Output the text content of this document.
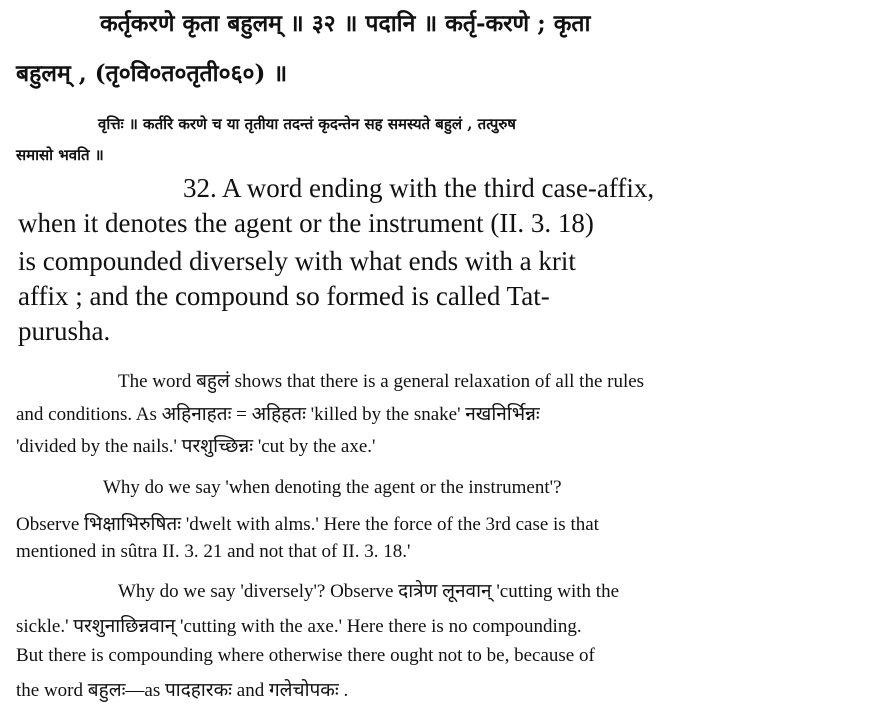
कर्तृकरणे कृता बहुलम् ॥ ३२ ॥ पदानि ॥ कर्तृ-करणे ; कृता
बहुलम् , (तृ०वि०त०तृती०६०) ॥
वृत्तिः ॥ कर्तरि करणे च या तृतीया तदन्तं कृदन्तेन सह समस्यते बहुलं , तत्पुरुष
समासो भवति ॥
32. A word ending with the third case-affix,
when it denotes the agent or the instrument (II. 3. 18)
is compounded diversely with what ends with a krit
affix ; and the compound so formed is called Tat-
purusha.
The word बहुलं shows that there is a general relaxation of all the rules
and conditions. As अहिनाहतः = अहिहतः 'killed by the snake' नखनिर्भिन्नः
'divided by the nails.' परशुच्छिन्नः 'cut by the axe.'
Why do we say 'when denoting the agent or the instrument'?
Observe भिक्षाभिरुषितः 'dwelt with alms.' Here the force of the 3rd case is that
mentioned in sûtra II. 3. 21 and not that of II. 3. 18.'
Why do we say 'diversely'? Observe दात्रेण लूनवान् 'cutting with the
sickle.' परशुनाछिन्नवान् 'cutting with the axe.' Here there is no compounding.
But there is compounding where otherwise there ought not to be, because of
the word बहुलः—as पादहारकः and गलेचोपकः .
